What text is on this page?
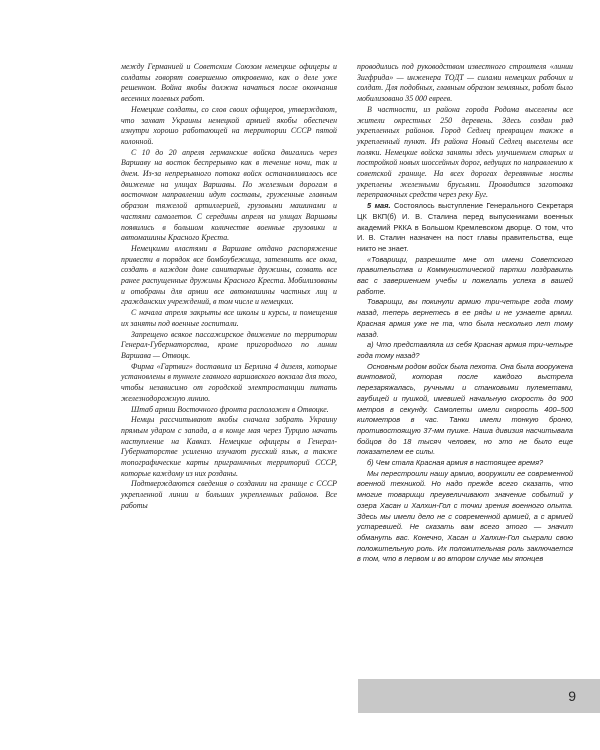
между Германией и Советским Союзом немецкие офицеры и солдаты говорят совершенно откровенно, как о деле уже решенном. Война якобы должна начаться после окончания весенних полевых работ.

Немецкие солдаты, со слов своих офицеров, утверждают, что захват Украины немецкой армией якобы обеспечен изнутри хорошо работающей на территории СССР пятой колонной.

С 10 до 20 апреля германские войска двигались через Варшаву на восток беспрерывно как в течение ночи, так и днем. Из-за непрерывного потока войск останавливалось все движение на улицах Варшавы. По железным дорогам в восточном направлении идут составы, груженные главным образом тяжелой артиллерией, грузовыми машинами и частями самолетов. С середины апреля на улицах Варшавы появились в большом количестве военные грузовики и автомашины Красного Креста.

Немецкими властями в Варшаве отдано распоряжение привести в порядок все бомбоубежища, затемнить все окна, создать в каждом доме санитарные дружины, созвать все ранее распущенные дружины Красного Креста. Мобилизованы и отобраны для армии все автомашины частных лиц и гражданских учреждений, в том числе и немецких.

С начала апреля закрыты все школы и курсы, и помещения их заняты под военные госпитали.

Запрещено всякое пассажирское движение по территории Генерал-Губернаторства, кроме пригородного по линии Варшава — Отвоцк.

Фирма «Гартвиг» доставила из Берлина 4 дизеля, которые установлены в туннеле главного варшавского вокзала для того, чтобы независимо от городской электростанции питать железнодорожную линию.

Штаб армии Восточного фронта расположен в Отвоцке.

Немцы рассчитывают якобы сначала забрать Украину прямым ударом с запада, а в конце мая через Турцию начать наступление на Кавказ. Немецкие офицеры в Генерал-Губернаторстве усиленно изучают русский язык, а также топографические карты приграничных территорий СССР, которые каждому из них розданы.

Подтверждаются сведения о создании на границе с СССР укрепленной линии и больших укрепленных районов. Все работы

проводились под руководством известного строителя «линии Зигфрида» — инженера ТОДТ — силами немецких рабочих и солдат. Для подобных, главным образом земляных, работ было мобилизовано 35 000 евреев.

В частности, из района города Родома выселены все жители окрестных 250 деревень. Здесь создан ряд укрепленных районов. Город Седлец превращен также в укрепленный пункт. Из района Новый Седлец выселены все поляки. Немецкие войска заняты здесь улучшением старых и постройкой новых шоссейных дорог, ведущих по направлению к советской границе. На всех дорогах деревянные мосты укреплены железными брусьями. Проводится заготовка переправочных средств через реку Буг.

5 мая. Состоялось выступление Генерального Секретаря ЦК ВКП(б) И. В. Сталина перед выпускниками военных академий РККА в Большом Кремлевском дворце. О том, что И. В. Сталин назначен на пост главы правительства, еще никто не знает.

«Товарищи, разрешите мне от имени Советского правительства и Коммунистической партии поздравить вас с завершением учебы и пожелать успеха в вашей работе.

Товарищи, вы покинули армию три-четыре года тому назад, теперь вернетесь в ее ряды и не узнаете армии. Красная армия уже не та, что была несколько лет тому назад.

а) Что представляла из себя Красная армия три-четыре года тому назад?

Основным родом войск была пехота. Она была вооружена винтовкой, которая после каждого выстрела перезаряжалась, ручными и станковыми пулеметами, гаубицей и пушкой, имевшей начальную скорость до 900 метров в секунду. Самолеты имели скорость 400–500 километров в час. Танки имели тонкую броню, противостоящую 37-мм пушке. Наша дивизия насчитывала бойцов до 18 тысяч человек, но это не было еще показателем ее силы.

б) Чем стала Красная армия в настоящее время?

Мы перестроили нашу армию, вооружили ее современной военной техникой. Но надо прежде всего сказать, что многие товарищи преувеличивают значение событий у озера Хасан и Халхин-Гол с точки зрения военного опыта. Здесь мы имели дело не с современной армией, а с армией устаревшей. Не сказать вам всего этого — значит обмануть вас. Конечно, Хасан и Халхин-Гол сыграли свою положительную роль. Их положительная роль заключается в том, что в первом и во втором случае мы японцев

9
